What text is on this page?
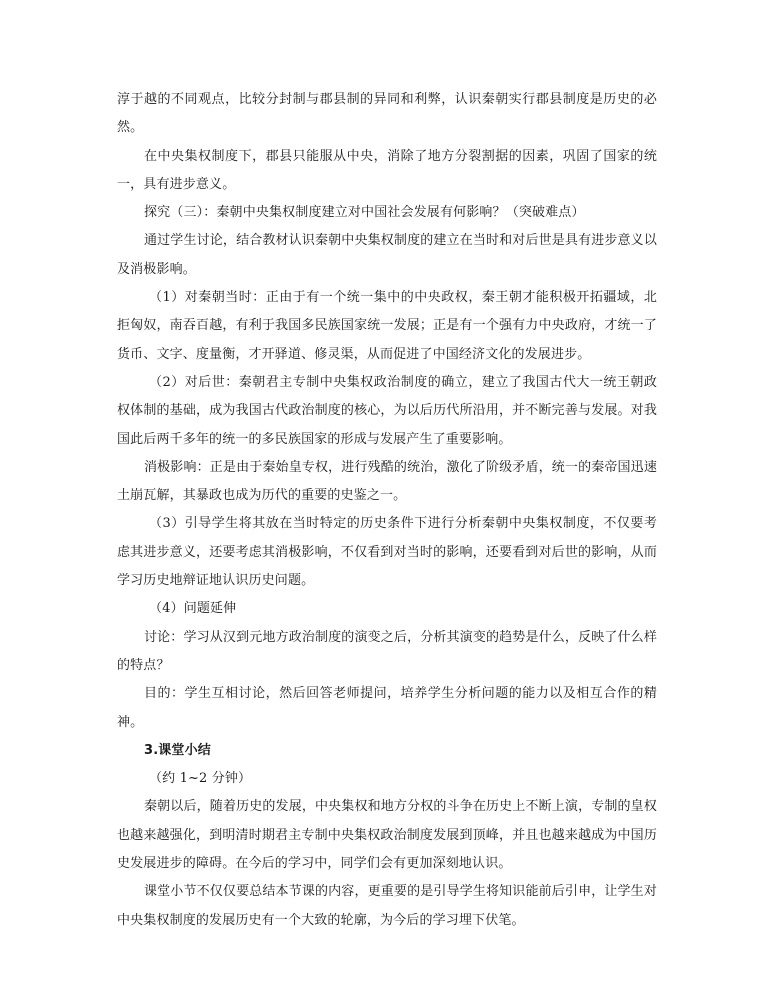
淳于越的不同观点，比较分封制与郡县制的异同和利弊，认识秦朝实行郡县制度是历史的必然。

在中央集权制度下，郡县只能服从中央，消除了地方分裂割据的因素，巩固了国家的统一，具有进步意义。

探究（三）：秦朝中央集权制度建立对中国社会发展有何影响？（突破难点）

通过学生讨论，结合教材认识秦朝中央集权制度的建立在当时和对后世是具有进步意义以及消极影响。

（1）对秦朝当时：正由于有一个统一集中的中央政权，秦王朝才能积极开拓疆域，北拒匈奴，南吞百越，有利于我国多民族国家统一发展；正是有一个强有力中央政府，才统一了货币、文字、度量衡，才开驿道、修灵渠，从而促进了中国经济文化的发展进步。

（2）对后世：秦朝君主专制中央集权政治制度的确立，建立了我国古代大一统王朝政权体制的基础，成为我国古代政治制度的核心，为以后历代所沿用，并不断完善与发展。对我国此后两千多年的统一的多民族国家的形成与发展产生了重要影响。

消极影响：正是由于秦始皇专权，进行残酷的统治，激化了阶级矛盾，统一的秦帝国迅速土崩瓦解，其暴政也成为历代的重要的史鉴之一。

（3）引导学生将其放在当时特定的历史条件下进行分析秦朝中央集权制度，不仅要考虑其进步意义，还要考虑其消极影响，不仅看到对当时的影响，还要看到对后世的影响，从而学习历史地辩证地认识历史问题。

（4）问题延伸

讨论：学习从汉到元地方政治制度的演变之后，分析其演变的趋势是什么，反映了什么样的特点？

目的：学生互相讨论，然后回答老师提问，培养学生分析问题的能力以及相互合作的精神。

3.课堂小结

（约 1~2 分钟）

秦朝以后，随着历史的发展，中央集权和地方分权的斗争在历史上不断上演，专制的皇权也越来越强化，到明清时期君主专制中央集权政治制度发展到顶峰，并且也越来越成为中国历史发展进步的障碍。在今后的学习中，同学们会有更加深刻地认识。

课堂小节不仅仅要总结本节课的内容，更重要的是引导学生将知识能前后引申，让学生对中央集权制度的发展历史有一个大致的轮廓，为今后的学习埋下伏笔。
